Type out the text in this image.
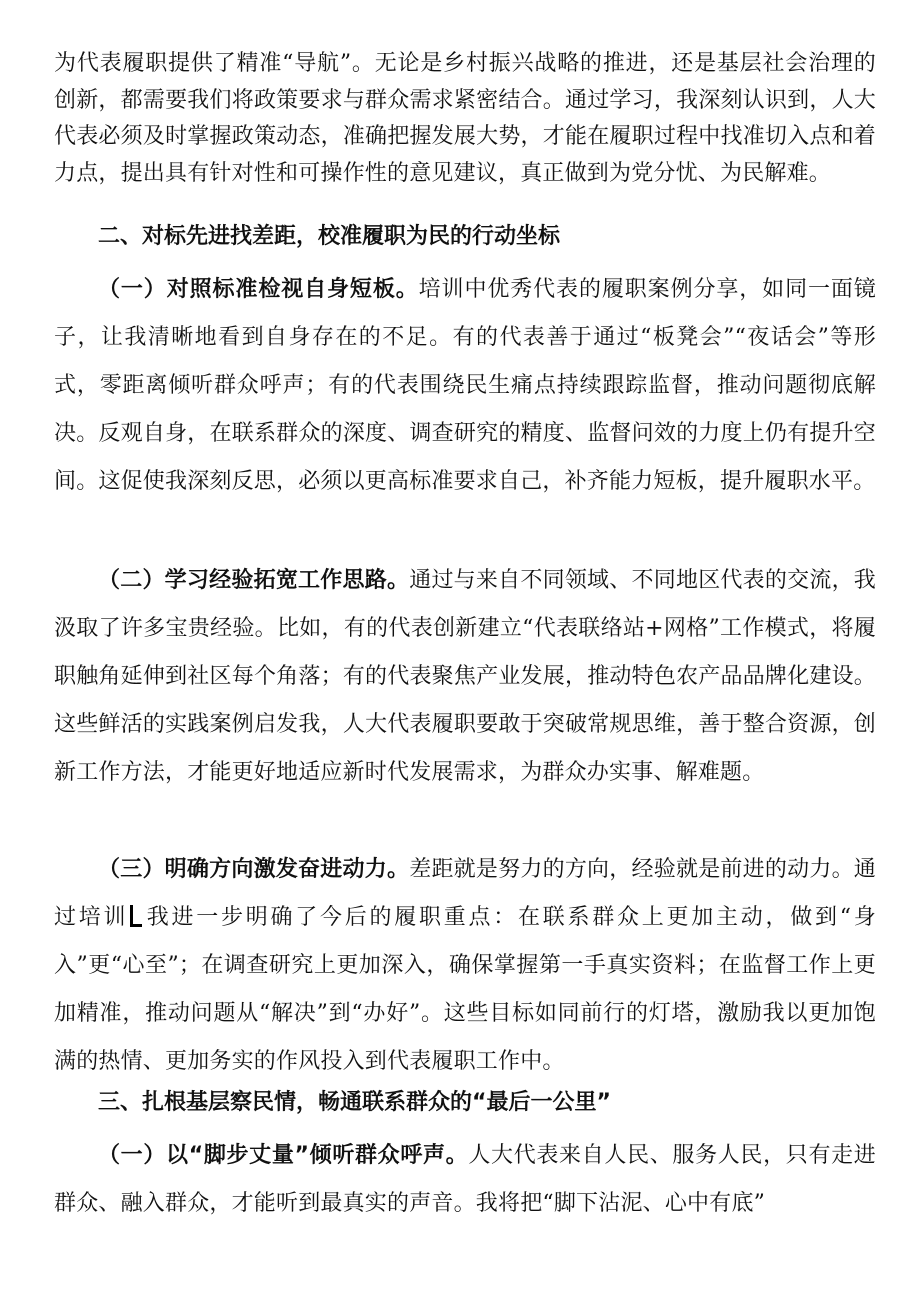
为代表履职提供了精准“导航”。无论是乡村振兴战略的推进，还是基层社会治理的创新，都需要我们将政策要求与群众需求紧密结合。通过学习，我深刻认识到，人大代表必须及时掌握政策动态，准确把握发展大势，才能在履职过程中找准切入点和着力点，提出具有针对性和可操作性的意见建议，真正做到为党分忧、为民解难。

二、对标先进找差距，校准履职为民的行动坐标

（一）对照标准检视自身短板。培训中优秀代表的履职案例分享，如同一面镜子，让我清晰地看到自身存在的不足。有的代表善于通过“板凳会”“夜话会”等形式，零距离倾听群众呼声；有的代表围绕民生痛点持续跟踪监督，推动问题彻底解决。反观自身，在联系群众的深度、调查研究的精度、监督问效的力度上仍有提升空间。这促使我深刻反思，必须以更高标准要求自己，补齐能力短板，提升履职水平。

（二）学习经验拓宽工作思路。通过与来自不同领域、不同地区代表的交流，我汲取了许多宝贵经验。比如，有的代表创新建立“代表联络站+网格”工作模式，将履职触角延伸到社区每个角落；有的代表聚焦产业发展，推动特色农产品品牌化建设。这些鲜活的实践案例启发我，人大代表履职要敢于突破常规思维，善于整合资源，创新工作方法，才能更好地适应新时代发展需求，为群众办实事、解难题。

（三）明确方向激发奋进动力。差距就是努力的方向，经验就是前进的动力。通过培训 我进一步明确了今后的履职重点：在联系群众上更加主动，做到“身入”更“心至”；在调查研究上更加深入，确保掌握第一手真实资料；在监督工作上更加精准，推动问题从“解决”到“办好”。这些目标如同前行的灯塔，激励我以更加饱满的热情、更加务实的作风投入到代表履职工作中。

三、扎根基层察民情，畅通联系群众的“最后一公里”

（一）以“脚步丈量”倾听群众呼声。人大代表来自人民、服务人民，只有走进群众、融入群众，才能听到最真实的声音。我将把“脚下沾泥、心中有底”
